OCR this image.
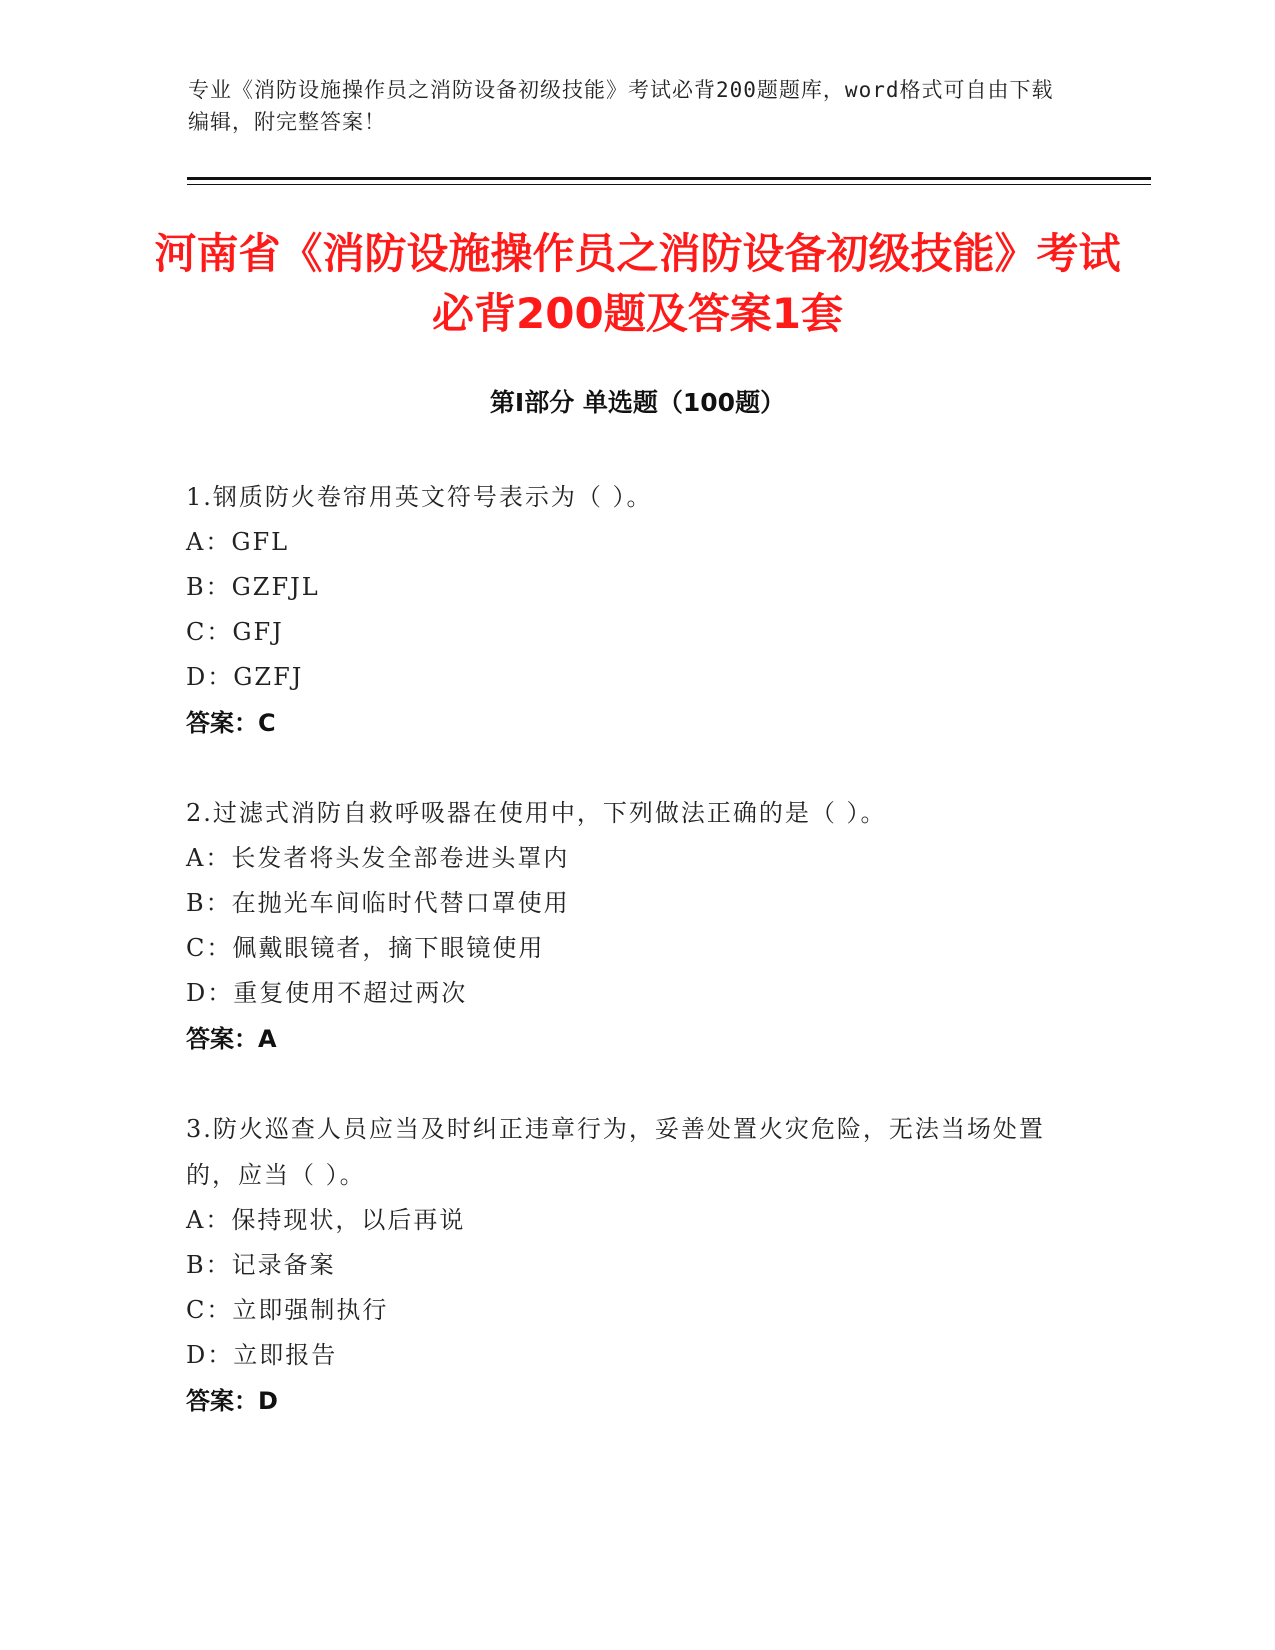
专业《消防设施操作员之消防设备初级技能》考试必背200题题库，word格式可自由下载编辑，附完整答案！
河南省《消防设施操作员之消防设备初级技能》考试必背200题及答案1套
第Ⅰ部分 单选题（100题）

1.钢质防火卷帘用英文符号表示为（ ）。

A：GFL

B：GZFJL

C：GFJ

D：GZFJ

答案：C

2.过滤式消防自救呼吸器在使用中，下列做法正确的是（ ）。

A：长发者将头发全部卷进头罩内

B：在抛光车间临时代替口罩使用

C：佩戴眼镜者，摘下眼镜使用

D：重复使用不超过两次

答案：A

3.防火巡查人员应当及时纠正违章行为，妥善处置火灾危险，无法当场处置的，应当（ ）。

A：保持现状，以后再说

B：记录备案

C：立即强制执行

D：立即报告

答案：D
